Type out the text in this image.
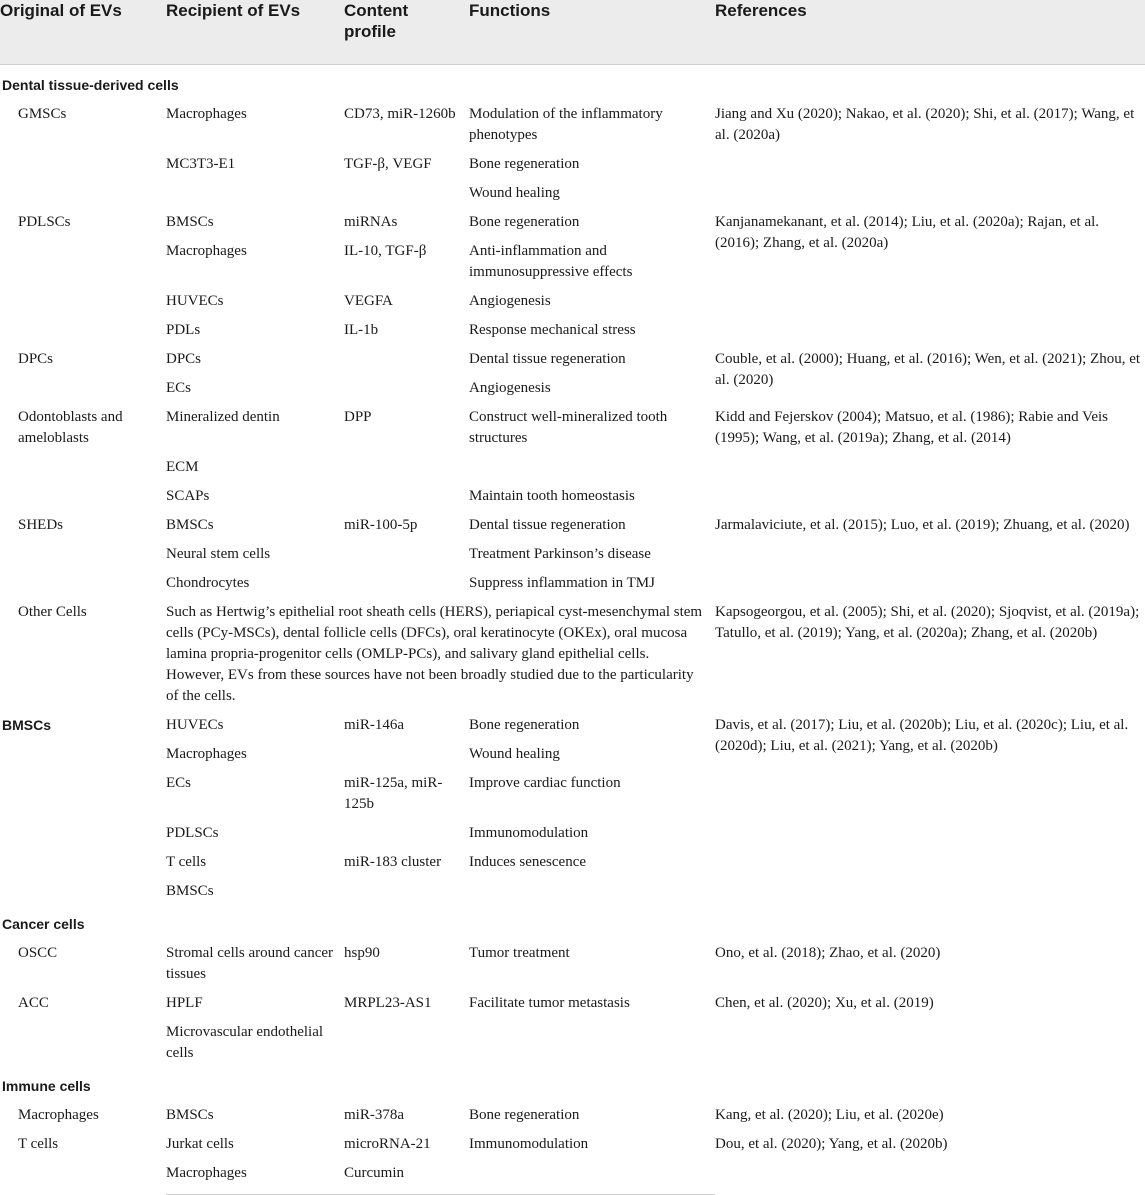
Original of EVs	Recipient of EVs	Content profile	Functions	References
Dental tissue-derived cells				
GMSCs	Macrophages	CD73, miR-1260b	Modulation of the inflammatory phenotypes	Jiang and Xu (2020); Nakao, et al. (2020); Shi, et al. (2017); Wang, et al. (2020a)
	MC3T3-E1	TGF-β, VEGF	Bone regeneration	
			Wound healing	
PDLSCs	BMSCs	miRNAs	Bone regeneration	Kanjanamekanant, et al. (2014); Liu, et al. (2020a); Rajan, et al. (2016); Zhang, et al. (2020a)
	Macrophages	IL-10, TGF-β	Anti-inflammation and immunosuppressive effects	
	HUVECs	VEGFA	Angiogenesis	
	PDLs	IL-1b	Response mechanical stress	
DPCs	DPCs		Dental tissue regeneration	Couble, et al. (2000); Huang, et al. (2016); Wen, et al. (2021); Zhou, et al. (2020)
	ECs		Angiogenesis	
Odontoblasts and ameloblasts	Mineralized dentin	DPP	Construct well-mineralized tooth structures	Kidd and Fejerskov (2004); Matsuo, et al. (1986); Rabie and Veis (1995); Wang, et al. (2019a); Zhang, et al. (2014)
	ECM			
	SCAPs		Maintain tooth homeostasis	
SHEDs	BMSCs	miR-100-5p	Dental tissue regeneration	Jarmalaviciute, et al. (2015); Luo, et al. (2019); Zhuang, et al. (2020)
	Neural stem cells		Treatment Parkinson’s disease	
	Chondrocytes		Suppress inflammation in TMJ	
Other Cells	Such as Hertwig’s epithelial root sheath cells (HERS), periapical cyst-mesenchymal stem cells (PCy-MSCs), dental follicle cells (DFCs), oral keratinocyte (OKEx), oral mucosa lamina propria-progenitor cells (OMLP-PCs), and salivary gland epithelial cells. However, EVs from these sources have not been broadly studied due to the particularity of the cells.			Kapsogeorgou, et al. (2005); Shi, et al. (2020); Sjoqvist, et al. (2019a); Tatullo, et al. (2019); Yang, et al. (2020a); Zhang, et al. (2020b)
BMSCs	HUVECs	miR-146a	Bone regeneration	Davis, et al. (2017); Liu, et al. (2020b); Liu, et al. (2020c); Liu, et al. (2020d); Liu, et al. (2021); Yang, et al. (2020b)
	Macrophages		Wound healing	
	ECs	miR-125a, miR-125b	Improve cardiac function	
	PDLSCs		Immunomodulation	
	T cells	miR-183 cluster	Induces senescence	
	BMSCs			
Cancer cells				
OSCC	Stromal cells around cancer tissues	hsp90	Tumor treatment	Ono, et al. (2018); Zhao, et al. (2020)
ACC	HPLF	MRPL23-AS1	Facilitate tumor metastasis	Chen, et al. (2020); Xu, et al. (2019)
	Microvascular endothelial cells			
Immune cells				
Macrophages	BMSCs	miR-378a	Bone regeneration	Kang, et al. (2020); Liu, et al. (2020e)
T cells	Jurkat cells	microRNA-21	Immunomodulation	Dou, et al. (2020); Yang, et al. (2020b)
	Macrophages	Curcumin		
